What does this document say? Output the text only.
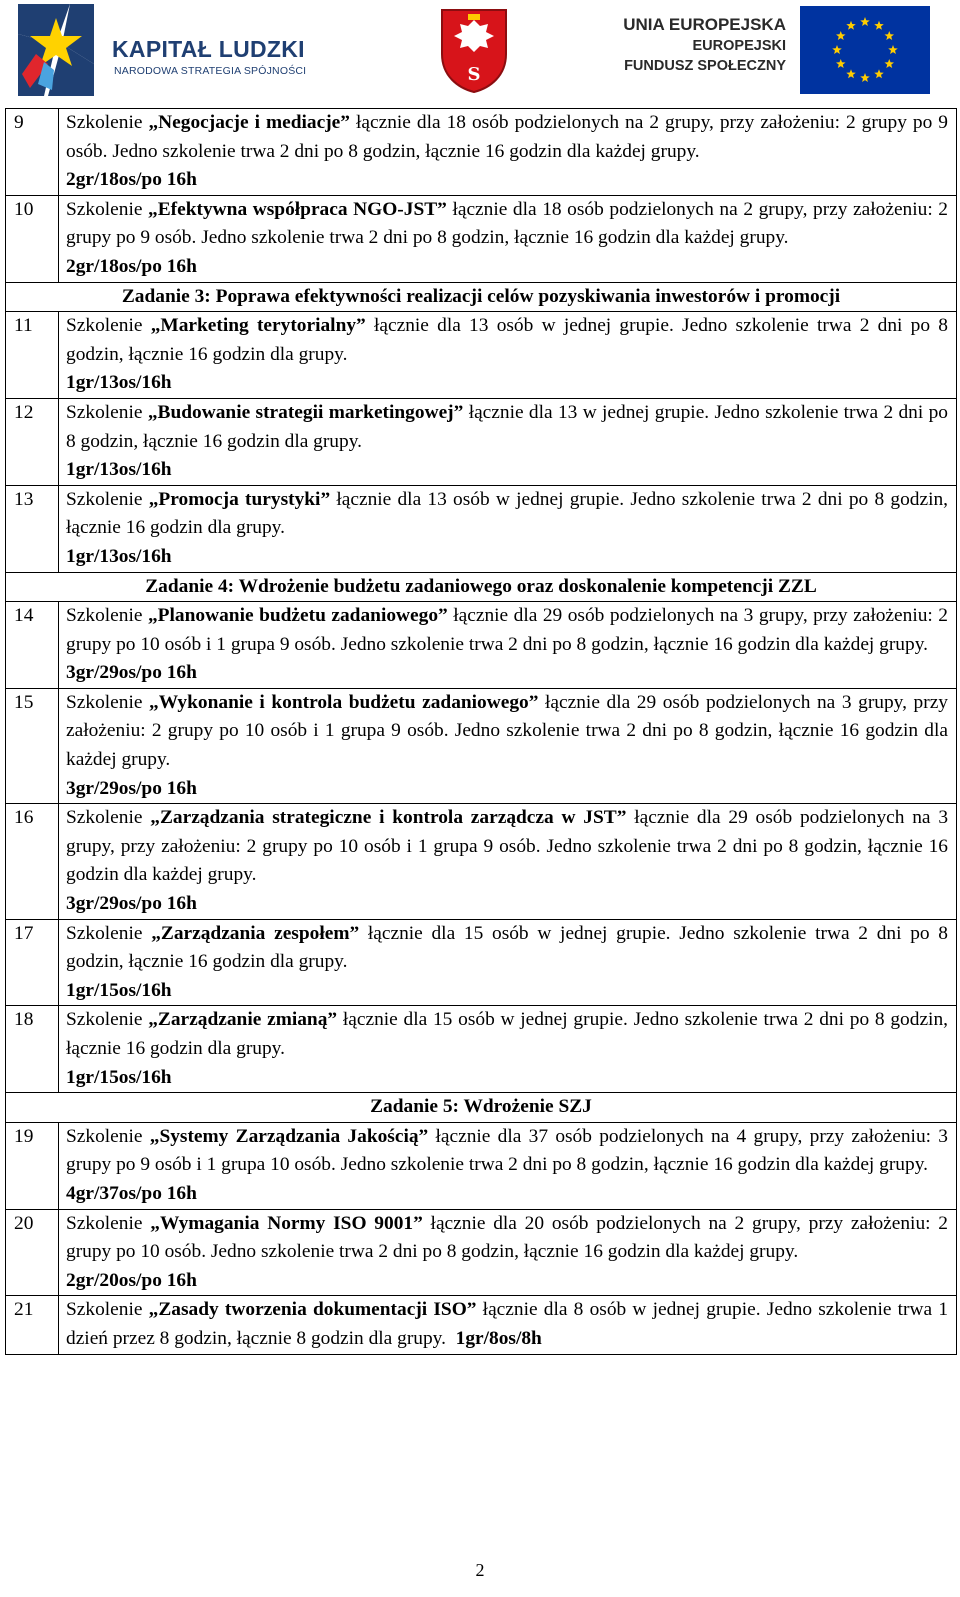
KAPITAŁ LUDZKI
NARODOWA STRATEGIA SPÓJNOŚCI	S
UNIA EUROPEJSKA
EUROPEJSKI
FUNDUSZ SPOŁECZNY
9	Szkolenie „Negocjacje i mediacje” łącznie dla 18 osób podzielonych na 2 grupy, przy założeniu: 2 grupy po 9 osób. Jedno szkolenie trwa 2 dni po 8 godzin, łącznie 16 godzin dla każdej grupy.
2gr/18os/po 16h

10	Szkolenie „Efektywna współpraca NGO-JST” łącznie dla 18 osób podzielonych na 2 grupy, przy założeniu: 2 grupy po 9 osób. Jedno szkolenie trwa 2 dni po 8 godzin, łącznie 16 godzin dla każdej grupy.
2gr/18os/po 16h

Zadanie 3: Poprawa efektywności realizacji celów pozyskiwania inwestorów i promocji	
11	Szkolenie „Marketing terytorialny” łącznie dla 13 osób w jednej grupie. Jedno szkolenie trwa 2 dni po 8 godzin, łącznie 16 godzin dla grupy.
1gr/13os/16h

12	Szkolenie „Budowanie strategii marketingowej” łącznie dla 13 w jednej grupie. Jedno szkolenie trwa 2 dni po 8 godzin, łącznie 16 godzin dla grupy.
1gr/13os/16h

13	Szkolenie „Promocja turystyki” łącznie dla 13 osób w jednej grupie. Jedno szkolenie trwa 2 dni po 8 godzin, łącznie 16 godzin dla grupy.
1gr/13os/16h

Zadanie 4: Wdrożenie budżetu zadaniowego oraz doskonalenie kompetencji ZZL	
14	Szkolenie „Planowanie budżetu zadaniowego” łącznie dla 29 osób podzielonych na 3 grupy, przy założeniu: 2 grupy po 10 osób i 1 grupa 9 osób. Jedno szkolenie trwa 2 dni po 8 godzin, łącznie 16 godzin dla każdej grupy.
3gr/29os/po 16h

15	Szkolenie „Wykonanie i kontrola budżetu zadaniowego” łącznie dla 29 osób podzielonych na 3 grupy, przy założeniu: 2 grupy po 10 osób i 1 grupa 9 osób. Jedno szkolenie trwa 2 dni po 8 godzin, łącznie 16 godzin dla każdej grupy.
3gr/29os/po 16h

16	Szkolenie „Zarządzania strategiczne i kontrola zarządcza w JST” łącznie dla 29 osób podzielonych na 3 grupy, przy założeniu: 2 grupy po 10 osób i 1 grupa 9 osób. Jedno szkolenie trwa 2 dni po 8 godzin, łącznie 16 godzin dla każdej grupy.
3gr/29os/po 16h

17	Szkolenie „Zarządzania zespołem” łącznie dla 15 osób w jednej grupie. Jedno szkolenie trwa 2 dni po 8 godzin, łącznie 16 godzin dla grupy.
1gr/15os/16h

18	Szkolenie „Zarządzanie zmianą” łącznie dla 15 osób w jednej grupie. Jedno szkolenie trwa 2 dni po 8 godzin, łącznie 16 godzin dla grupy.
1gr/15os/16h

Zadanie 5: Wdrożenie SZJ	
19	Szkolenie „Systemy Zarządzania Jakością” łącznie dla 37 osób podzielonych na 4 grupy, przy założeniu: 3 grupy po 9 osób i 1 grupa 10 osób. Jedno szkolenie trwa 2 dni po 8 godzin, łącznie 16 godzin dla każdej grupy.
4gr/37os/po 16h

20	Szkolenie „Wymagania Normy ISO 9001” łącznie dla 20 osób podzielonych na 2 grupy, przy założeniu: 2 grupy po 10 osób. Jedno szkolenie trwa 2 dni po 8 godzin, łącznie 16 godzin dla każdej grupy.
2gr/20os/po 16h

21	Szkolenie „Zasady tworzenia dokumentacji ISO” łącznie dla 8 osób w jednej grupie. Jedno szkolenie trwa 1 dzień przez 8 godzin, łącznie 8 godzin dla grupy.  1gr/8os/8h
2
